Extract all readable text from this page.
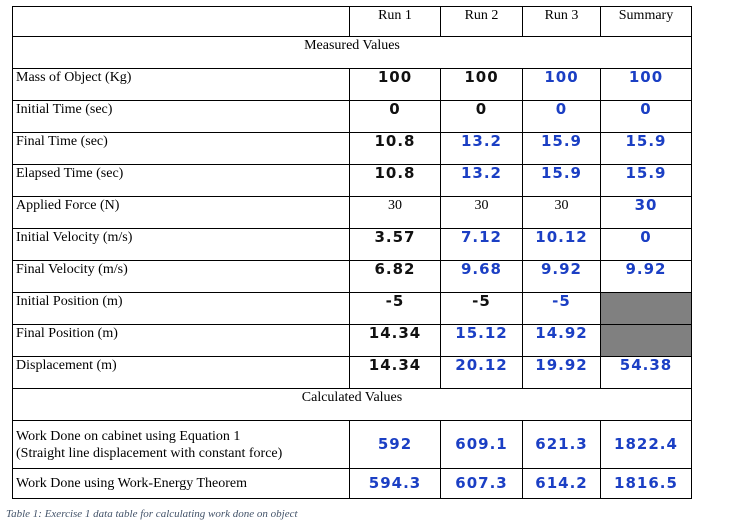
	Run 1	Run 2	Run 3	Summary
Measured Values				
Mass of Object (Kg)	100	100	100	100
Initial Time (sec)	0	0	0	0
Final Time (sec)	10.8	13.2	15.9	15.9
Elapsed Time (sec)	10.8	13.2	15.9	15.9
Applied Force (N)	30	30	30	30
Initial Velocity (m/s)	3.57	7.12	10.12	0
Final Velocity (m/s)	6.82	9.68	9.92	9.92
Initial Position (m)	-5	-5	-5	
Final Position (m)	14.34	15.12	14.92	
Displacement (m)	14.34	20.12	19.92	54.38
Calculated Values				

Work Done on cabinet using Equation 1
(Straight line displacement with constant force)	592	609.1	621.3	1822.4
Work Done using Work-Energy Theorem	594.3	607.3	614.2	1816.5
Table 1: Exercise 1 data table for calculating work done on object
